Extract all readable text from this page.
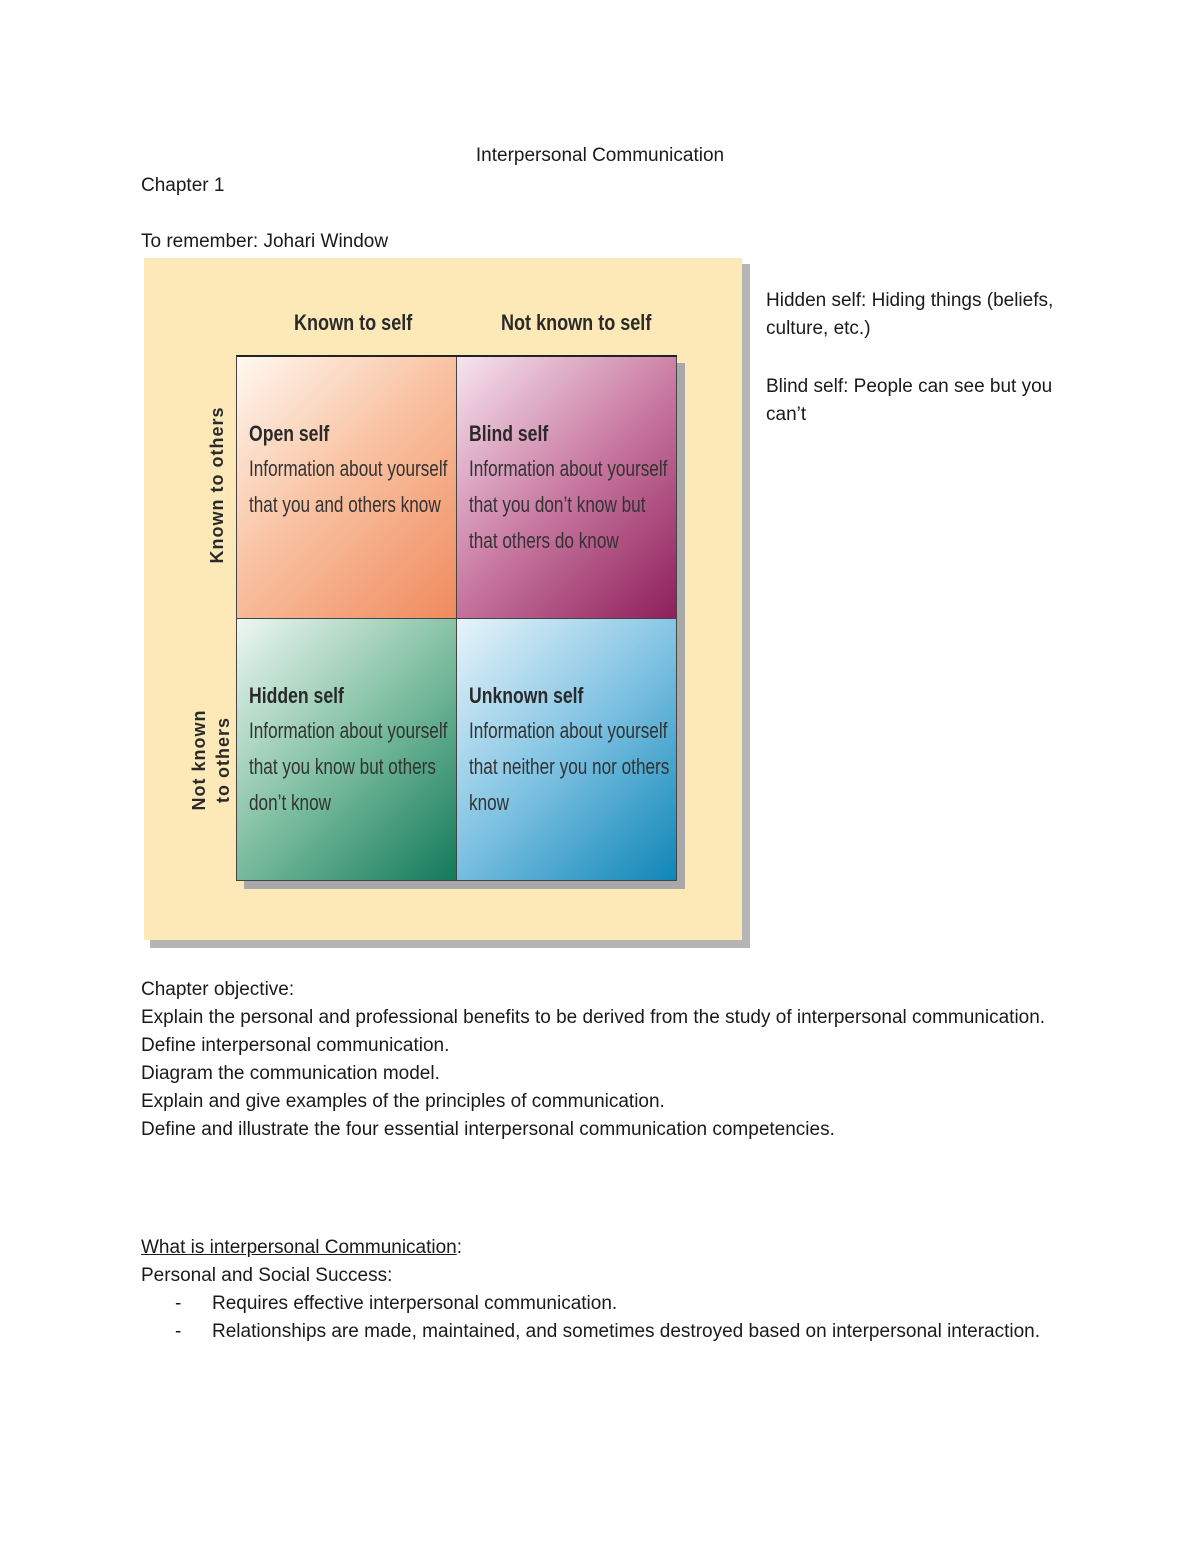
Interpersonal Communication
Chapter 1
To remember: Johari Window
Known to self	Not known to self
Known to others
Not known to others
Open self
Information about yourself that you and others know
Blind self
Information about yourself that you don’t know but that others do know
Hidden self
Information about yourself that you know but others don’t know
Unknown self
Information about yourself that neither you nor others know
Hidden self: Hiding things (beliefs, culture, etc.)
Blind self: People can see but you can’t
Chapter objective:
Explain the personal and professional benefits to be derived from the study of interpersonal communication.
Define interpersonal communication.
Diagram the communication model.
Explain and give examples of the principles of communication.
Define and illustrate the four essential interpersonal communication competencies.
What is interpersonal Communication:
Personal and Social Success:
- Requires effective interpersonal communication.
- Relationships are made, maintained, and sometimes destroyed based on interpersonal interaction.
